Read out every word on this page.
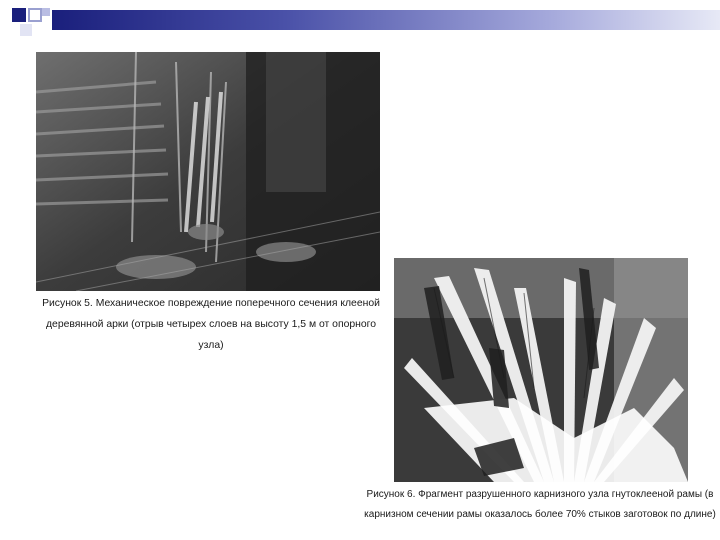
Рисунок 5. Механическое повреждение поперечного сечения клееной деревянной арки (отрыв четырех слоев на высоту 1,5 м от опорного узла)

Рисунок 6. Фрагмент разрушенного карнизного узла гнутоклееной рамы (в карнизном сечении рамы оказалось более 70% стыков заготовок по длине)
